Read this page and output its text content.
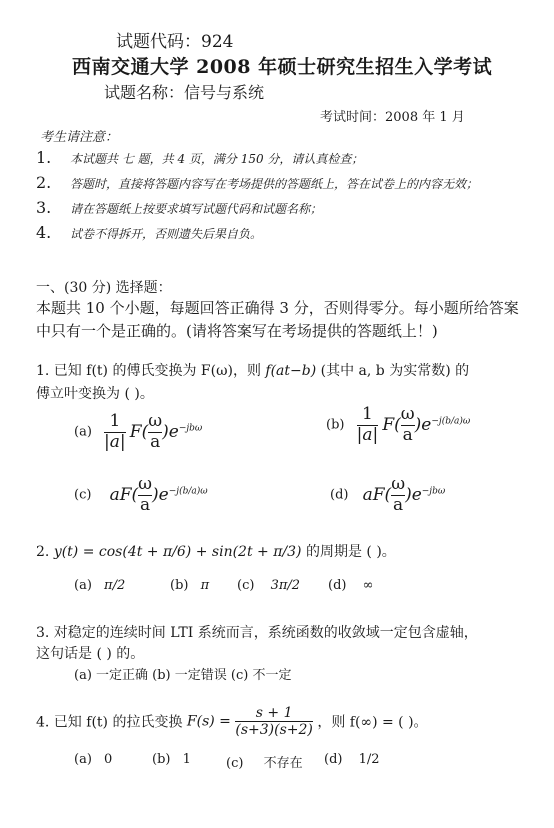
试题代码：924
西南交通大学 2008 年硕士研究生招生入学考试
试题名称：信号与系统
考试时间：2008 年 1 月
考生请注意：
1. 本试题共 七 题，共 4 页，满分 150 分，请认真检查；
2. 答题时，直接将答题内容写在考场提供的答题纸上，答在试卷上的内容无效；
3. 请在答题纸上按要求填写试题代码和试题名称；
4. 试卷不得拆开，否则遗失后果自负。
一、(30 分) 选择题：
本题共 10 个小题，每题回答正确得 3 分，否则得零分。每小题所给答案
中只有一个是正确的。(请将答案写在考场提供的答题纸上！)
1. 已知 f(t) 的傅氏变换为 F(ω)，则 f(at−b) (其中 a, b 为实常数) 的
傅立叶变换为 ( )。
$(a) \frac{1}{|a|} F( \frac{\omega}{a} )e^{-jb\omega}$	$(b) \frac{1}{|a|} F( \frac{\omega}{a} )e^{-j(b/a)\omega}$
(c) $aF( \frac{\omega}{a} )e^{-j(b/a)\omega}$	(d) $aF( \frac{\omega}{a} )e^{-jb\omega}$
2. y(t) = cos(4t + π/6) + sin(2t + π/3) 的周期是 ( )。
(a) π/2	(b) π (c) 3π/2 (d) ∞
3. 对稳定的连续时间 LTI 系统而言，系统函数的收敛域一定包含虚轴，
这句话是 ( ) 的。
(a) 一定正确 (b) 一定错误 (c) 不一定
4. 已知 f(t) 的拉氏变换 $F(s) = \frac{s + 1}{(s+3)(s+2)}$ ，则 f(∞) = ( )。
(a) 0	(b) 1	(c) 不存在 (d) 1/2
